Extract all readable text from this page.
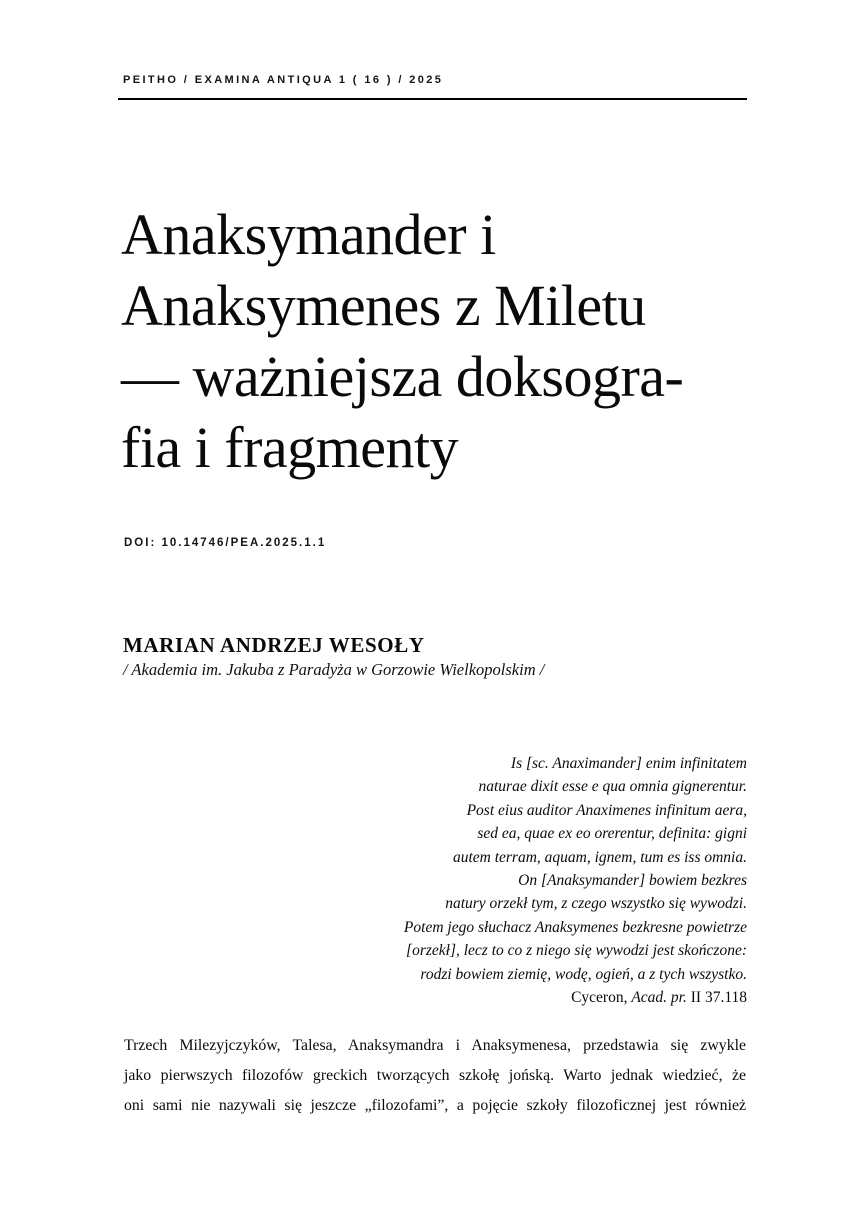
PEITHO / EXAMINA ANTIQUA 1 ( 16 ) / 2025
Anaksymander i
Anaksymenes z Miletu
— ważniejsza doksogra-
fia i fragmenty
DOI: 10.14746/PEA.2025.1.1
MARIAN ANDRZEJ WESOŁY
/ Akademia im. Jakuba z Paradyża w Gorzowie Wielkopolskim /
Is [sc. Anaximander] enim infinitatem
naturae dixit esse e qua omnia gignerentur.
Post eius auditor Anaximenes infinitum aera,
sed ea, quae ex eo orerentur, definita: gigni
autem terram, aquam, ignem, tum es iss omnia.
On [Anaksymander] bowiem bezkres
natury orzekł tym, z czego wszystko się wywodzi.
Potem jego słuchacz Anaksymenes bezkresne powietrze
[orzekł], lecz to co z niego się wywodzi jest skończone:
rodzi bowiem ziemię, wodę, ogień, a z tych wszystko.
Cyceron, Acad. pr. II 37.118
Trzech Milezyjczyków, Talesa, Anaksymandra i Anaksymenesa, przedstawia się zwykle
jako pierwszych filozofów greckich tworzących szkołę jońską. Warto jednak wiedzieć, że
oni sami nie nazywali się jeszcze „filozofami”, a pojęcie szkoły filozoficznej jest również
